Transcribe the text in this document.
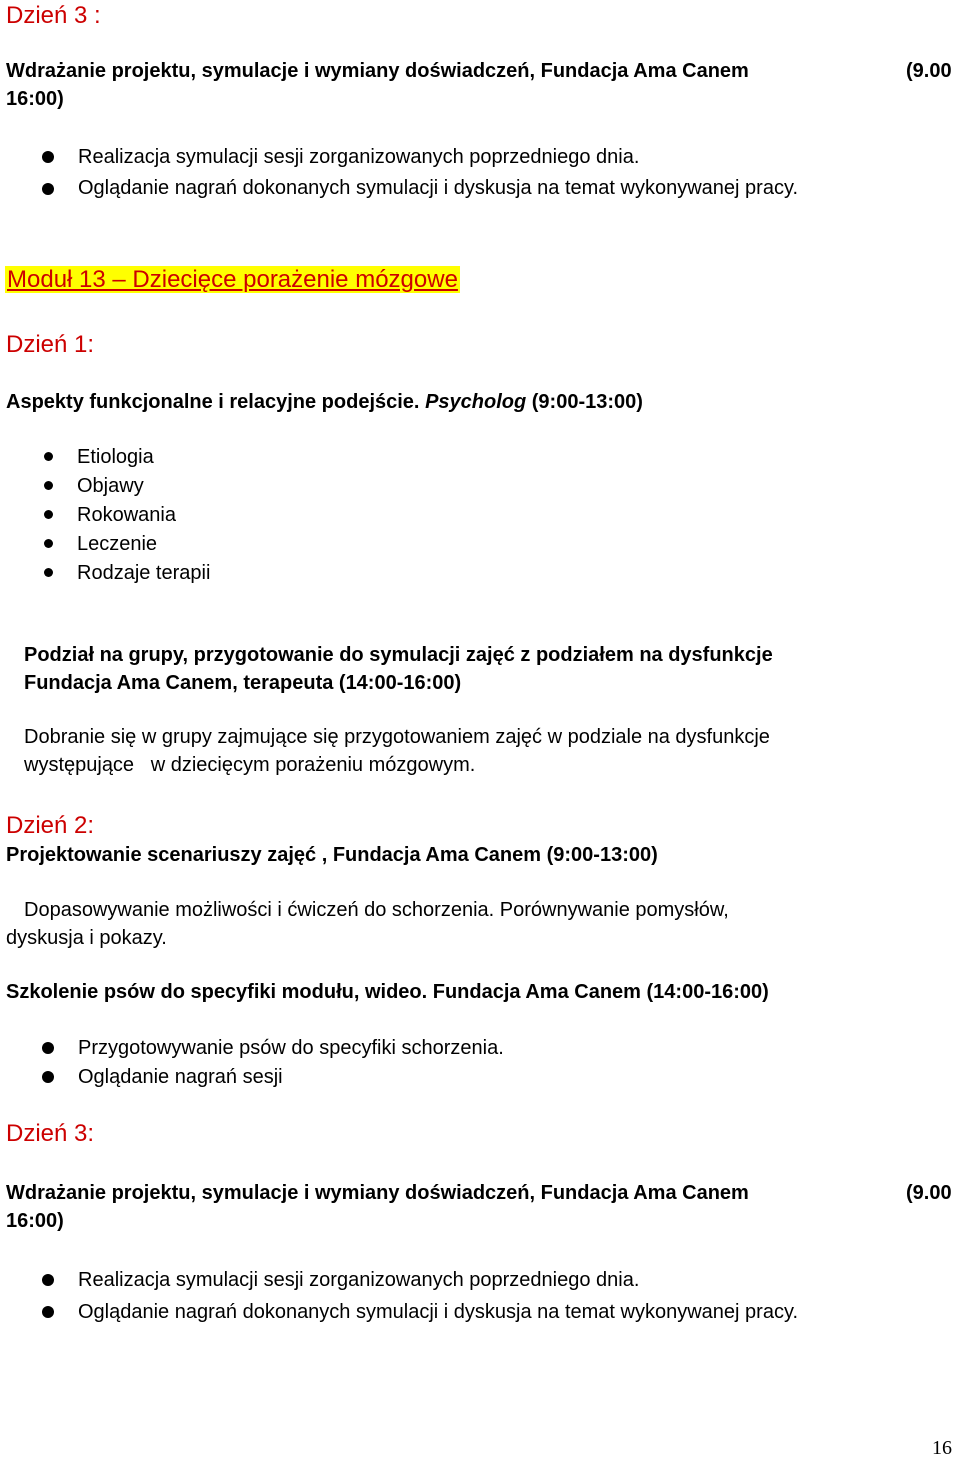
Dzień 3 :
Wdrażanie projektu, symulacje i wymiany doświadczeń, Fundacja Ama Canem	(9.00
16:00)
Realizacja symulacji sesji zorganizowanych poprzedniego dnia.
Oglądanie nagrań dokonanych symulacji i dyskusja na temat wykonywanej pracy.
Moduł 13 – Dziecięce porażenie mózgowe
Dzień 1:
Aspekty funkcjonalne i relacyjne podejście. Psycholog (9:00-13:00)
Etiologia
Objawy
Rokowania
Leczenie
Rodzaje terapii
Podział na grupy, przygotowanie do symulacji zajęć z podziałem na dysfunkcje
Fundacja Ama Canem, terapeuta (14:00-16:00)
Dobranie się w grupy zajmujące się przygotowaniem zajęć w podziale na dysfunkcje
występujące   w dziecięcym porażeniu mózgowym.
Dzień 2:
Projektowanie scenariuszy zajęć , Fundacja Ama Canem (9:00-13:00)
Dopasowywanie możliwości i ćwiczeń do schorzenia. Porównywanie pomysłów,
dyskusja i pokazy.
Szkolenie psów do specyfiki modułu, wideo. Fundacja Ama Canem (14:00-16:00)
Przygotowywanie psów do specyfiki schorzenia.
Oglądanie nagrań sesji
Dzień 3:
Wdrażanie projektu, symulacje i wymiany doświadczeń, Fundacja Ama Canem	(9.00
16:00)
Realizacja symulacji sesji zorganizowanych poprzedniego dnia.
Oglądanie nagrań dokonanych symulacji i dyskusja na temat wykonywanej pracy.
16
